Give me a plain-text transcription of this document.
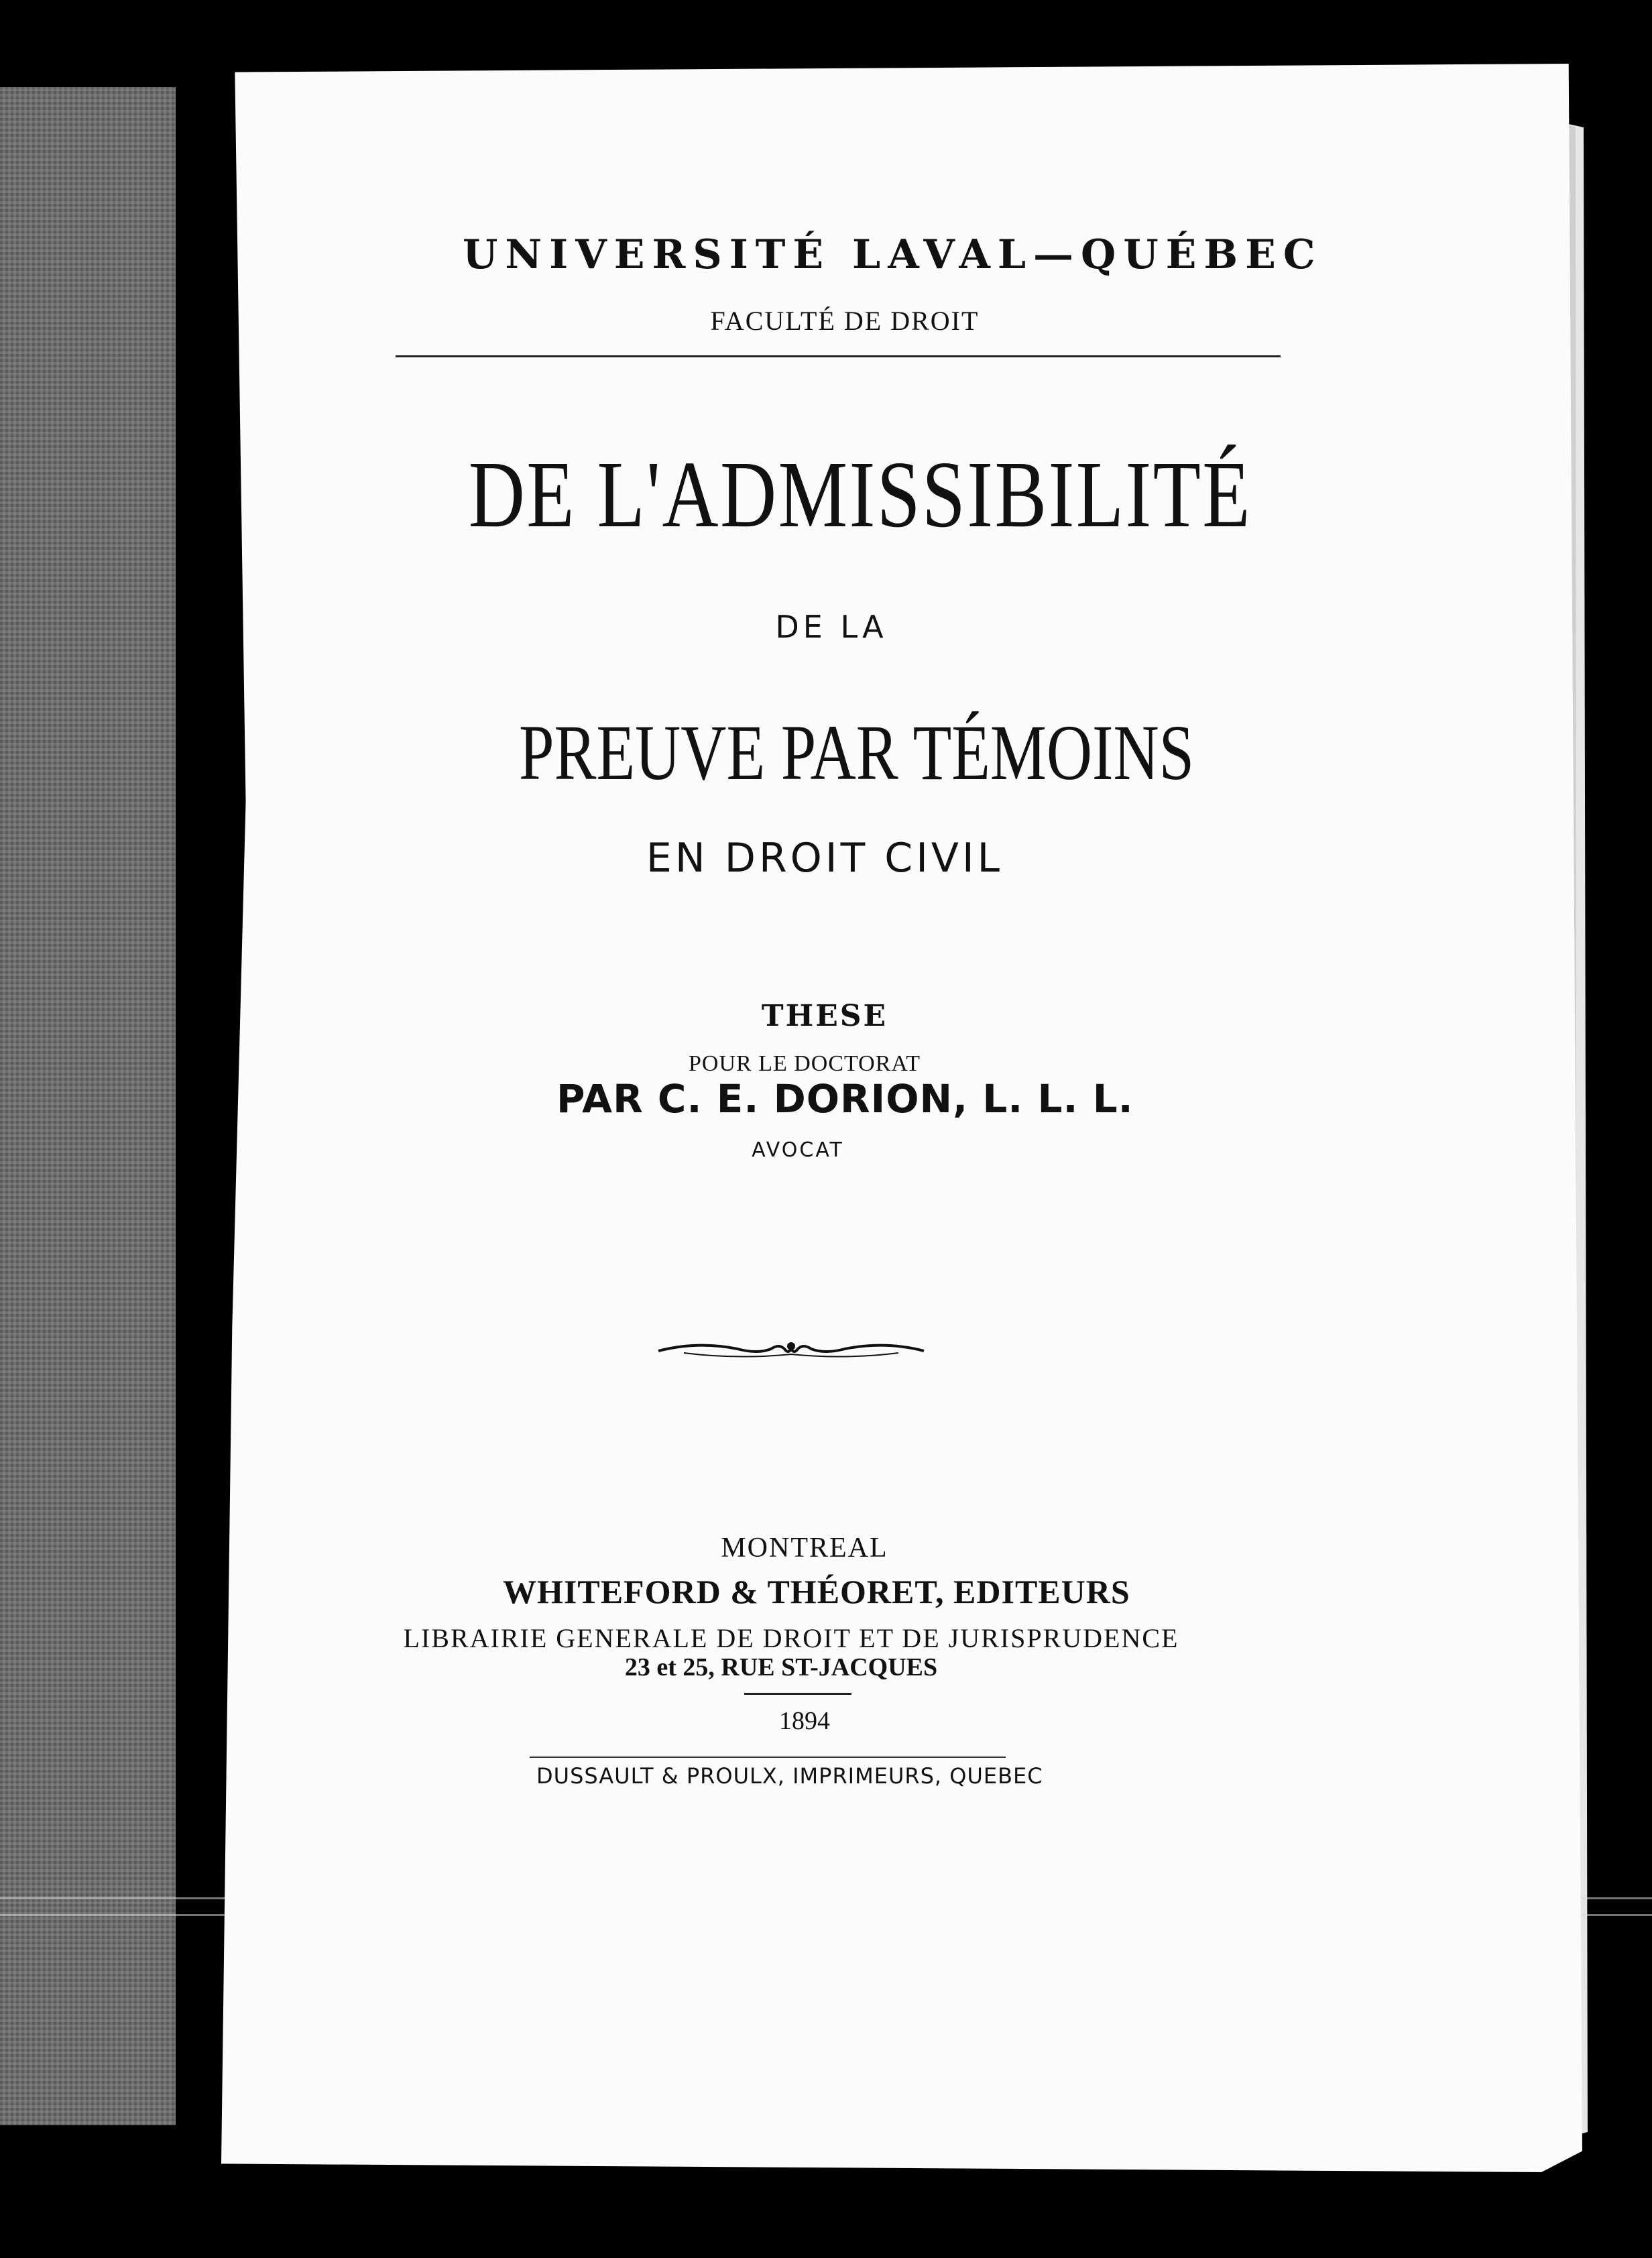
UNIVERSITÉ LAVAL—QUÉBEC
FACULTÉ DE DROIT
DE L'ADMISSIBILITÉ
DE LA
PREUVE PAR TÉMOINS
EN DROIT CIVIL
THESE
POUR LE DOCTORAT
PAR C. E. DORION, L. L. L.
AVOCAT
MONTREAL
WHITEFORD & THÉORET, EDITEURS
LIBRAIRIE GENERALE DE DROIT ET DE JURISPRUDENCE
23 et 25, RUE ST-JACQUES
1894
DUSSAULT & PROULX, IMPRIMEURS, QUEBEC
